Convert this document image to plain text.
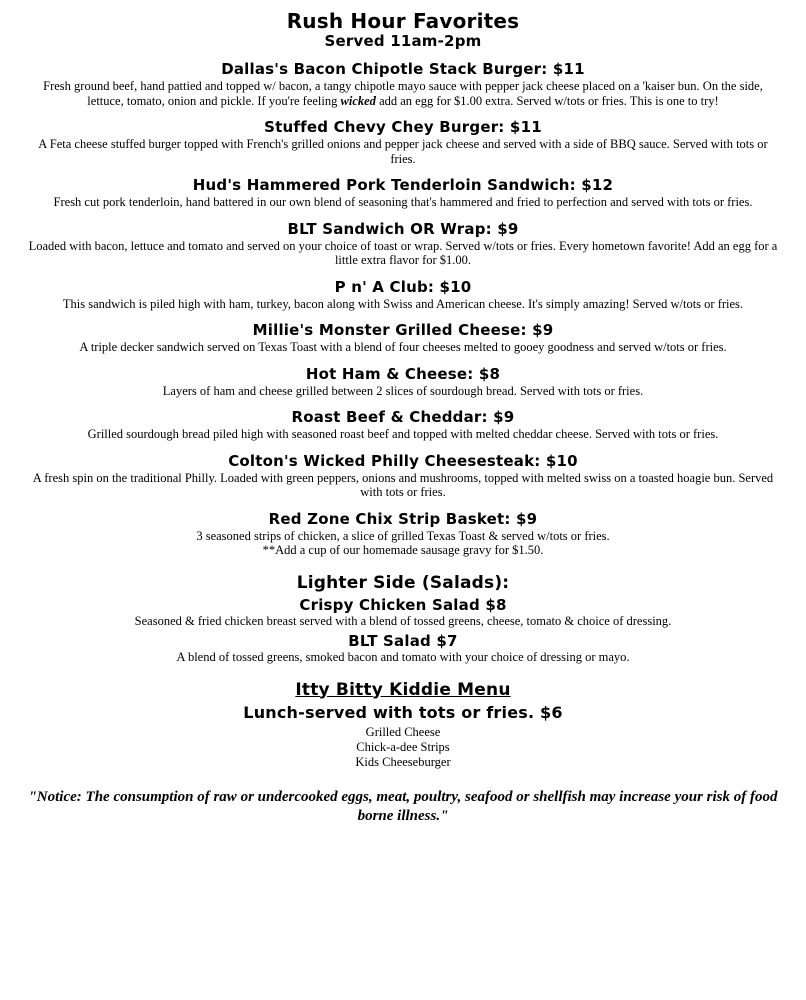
Rush Hour Favorites
Served 11am-2pm
Dallas's Bacon Chipotle Stack Burger: $11

Fresh ground beef, hand pattied and topped w/ bacon, a tangy chipotle mayo sauce with pepper jack cheese placed on a 'kaiser bun. On the side, lettuce, tomato, onion and pickle. If you're feeling wicked add an egg for $1.00 extra. Served w/tots or fries. This is one to try!

Stuffed Chevy Chey Burger: $11

A Feta cheese stuffed burger topped with French's grilled onions and pepper jack cheese and served with a side of BBQ sauce. Served with tots or fries.

Hud's Hammered Pork Tenderloin Sandwich: $12

Fresh cut pork tenderloin, hand battered in our own blend of seasoning that's hammered and fried to perfection and served with tots or fries.

BLT Sandwich OR Wrap: $9

Loaded with bacon, lettuce and tomato and served on your choice of toast or wrap. Served w/tots or fries. Every hometown favorite! Add an egg for a little extra flavor for $1.00.

P n' A Club: $10

This sandwich is piled high with ham, turkey, bacon along with Swiss and American cheese. It's simply amazing! Served w/tots or fries.

Millie's Monster Grilled Cheese: $9

A triple decker sandwich served on Texas Toast with a blend of four cheeses melted to gooey goodness and served w/tots or fries.

Hot Ham & Cheese: $8

Layers of ham and cheese grilled between 2 slices of sourdough bread. Served with tots or fries.

Roast Beef & Cheddar: $9

Grilled sourdough bread piled high with seasoned roast beef and topped with melted cheddar cheese. Served with tots or fries.

Colton's Wicked Philly Cheesesteak: $10

A fresh spin on the traditional Philly. Loaded with green peppers, onions and mushrooms, topped with melted swiss on a toasted hoagie bun. Served with tots or fries.

Red Zone Chix Strip Basket: $9

3 seasoned strips of chicken, a slice of grilled Texas Toast & served w/tots or fries.
**Add a cup of our homemade sausage gravy for $1.50.

Lighter Side (Salads):
Crispy Chicken Salad $8

Seasoned & fried chicken breast served with a blend of tossed greens, cheese, tomato & choice of dressing.

BLT Salad $7

A blend of tossed greens, smoked bacon and tomato with your choice of dressing or mayo.

Itty Bitty Kiddie Menu
Lunch-served with tots or fries. $6

Grilled Cheese

Chick-a-dee Strips

Kids Cheeseburger

"Notice: The consumption of raw or undercooked eggs, meat, poultry, seafood or shellfish may increase your risk of food borne illness."
